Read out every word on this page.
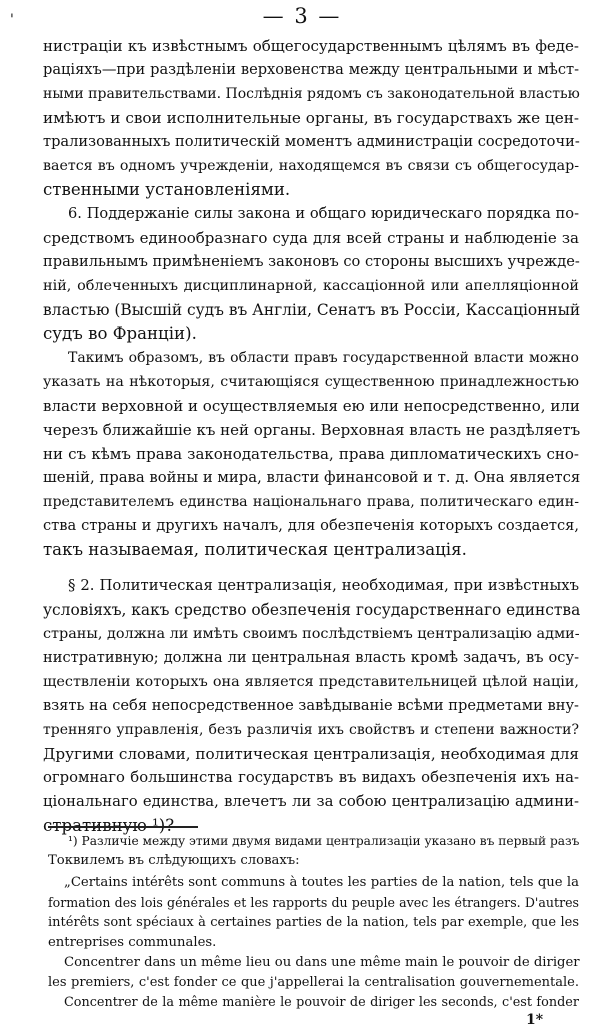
'	— 3 —
нистраціи къ извѣстнымъ общегосударственнымъ цѣлямъ въ феде-
раціяхъ—при раздѣленіи верховенства между центральными и мѣст-
ными правительствами. Послѣднія рядомъ съ законодательной властью
имѣютъ и свои исполнительные органы, въ государствахъ же цен-
трализованныхъ политическій моментъ администраціи сосредоточи-
вается въ одномъ учрежденіи, находящемся въ связи съ общегосудар-
ственными установленіями.
6. Поддержаніе силы закона и общаго юридическаго порядка по-
средствомъ единообразнаго суда для всей страны и наблюденіе за
правильнымъ примѣненіемъ законовъ со стороны высшихъ учрежде-
ній, облеченныхъ дисциплинарной, кассаціонной или апелляціонной
властью (Высшій судъ въ Англіи, Сенатъ въ Россіи, Кассаціонный
судъ во Франціи).
Такимъ образомъ, въ области правъ государственной власти можно
указать на нѣкоторыя, считающіяся существенною принадлежностью
власти верховной и осуществляемыя ею или непосредственно, или
черезъ ближайшіе къ ней органы. Верховная власть не раздѣляетъ
ни съ кѣмъ права законодательства, права дипломатическихъ сно-
шеній, права войны и мира, власти финансовой и т. д. Она является
представителемъ единства національнаго права, политическаго един-
ства страны и другихъ началъ, для обезпеченія которыхъ создается,
такъ называемая, политическая централизація.
§ 2. Политическая централизація, необходимая, при извѣстныхъ
условіяхъ, какъ средство обезпеченія государственнаго единства
страны, должна ли имѣть своимъ послѣдствіемъ централизацію адми-
нистративную; должна ли центральная власть кромѣ задачъ, въ осу-
ществленіи которыхъ она является представительницей цѣлой націи,
взять на себя непосредственное завѣдываніе всѣми предметами вну-
тренняго управленія, безъ различія ихъ свойствъ и степени важности?
Другими словами, политическая централизація, необходимая для
огромнаго большинства государствъ въ видахъ обезпеченія ихъ на-
ціональнаго единства, влечетъ ли за собою централизацію админи-
стративную ¹)?
¹) Различіе между этими двумя видами централизаціи указано въ первый разъ
Токвилемъ въ слѣдующихъ словахъ:
„Certains intérêts sont communs à toutes les parties de la nation, tels que la
formation des lois générales et les rapports du peuple avec les étrangers. D'autres
intérêts sont spéciaux à certaines parties de la nation, tels par exemple, que les
entreprises communales.
Concentrer dans un même lieu ou dans une même main le pouvoir de diriger
les premiers, c'est fonder ce que j'appellerai la centralisation gouvernementale.
Concentrer de la même manière le pouvoir de diriger les seconds, c'est fonder
1*
